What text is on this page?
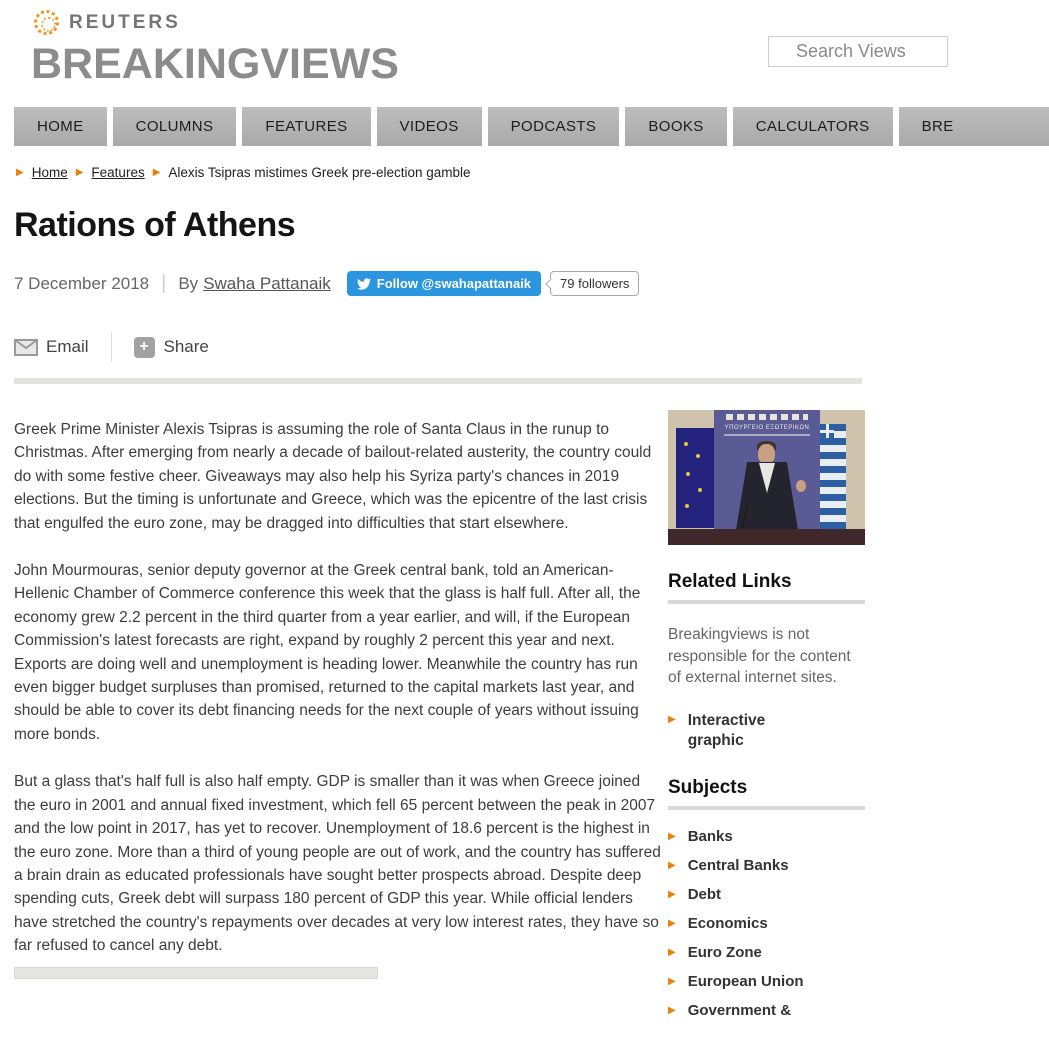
REUTERS
BREAKINGVIEWS
Search Views
HOME	COLUMNS	FEATURES	VIDEOS	PODCASTS	BOOKS	CALCULATORS	BRE
▶ Home ▶ Features ▶ Alexis Tsipras mistimes Greek pre-election gamble
Rations of Athens
7 December 2018 | By Swaha Pattanaik	Follow @swahapattanaik	79 followers
Email	+ Share

Greek Prime Minister Alexis Tsipras is assuming the role of Santa Claus in the runup to Christmas. After emerging from nearly a decade of bailout-related austerity, the country could do with some festive cheer. Giveaways may also help his Syriza party's chances in 2019 elections. But the timing is unfortunate and Greece, which was the epicentre of the last crisis that engulfed the euro zone, may be dragged into difficulties that start elsewhere.

John Mourmouras, senior deputy governor at the Greek central bank, told an American-Hellenic Chamber of Commerce conference this week that the glass is half full. After all, the economy grew 2.2 percent in the third quarter from a year earlier, and will, if the European Commission's latest forecasts are right, expand by roughly 2 percent this year and next. Exports are doing well and unemployment is heading lower. Meanwhile the country has run even bigger budget surpluses than promised, returned to the capital markets last year, and should be able to cover its debt financing needs for the next couple of years without issuing more bonds.

But a glass that's half full is also half empty. GDP is smaller than it was when Greece joined the euro in 2001 and annual fixed investment, which fell 65 percent between the peak in 2007 and the low point in 2017, has yet to recover. Unemployment of 18.6 percent is the highest in the euro zone. More than a third of young people are out of work, and the country has suffered a brain drain as educated professionals have sought better prospects abroad. Despite deep spending cuts, Greek debt will surpass 180 percent of GDP this year. While official lenders have stretched the country's repayments over decades at very low interest rates, they have so far refused to cancel any debt.

ΥΠΟΥΡΓΕΙΟ ΕΞΩΤΕΡΙΚΩΝ
Related Links
Breakingviews is not responsible for the content of external internet sites.
▶ Interactive graphic
Subjects
▶ Banks
▶ Central Banks
▶ Debt
▶ Economics
▶ Euro Zone
▶ European Union
▶ Government &
